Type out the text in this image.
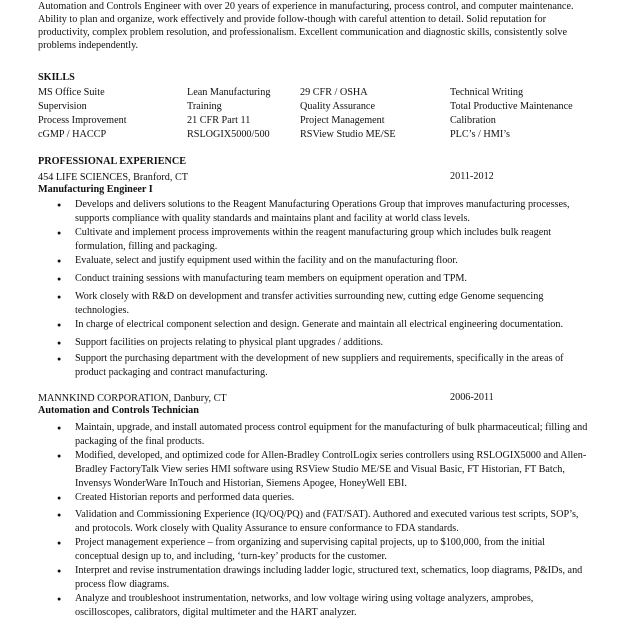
Automation and Controls Engineer with over 20 years of experience in manufacturing, process control, and computer maintenance.
Ability to plan and organize, work effectively and provide follow-though with careful attention to detail. Solid reputation for
productivity, complex problem resolution, and professionalism. Excellent communication and diagnostic skills, consistently solve
problems independently.
SKILLS
MS Office Suite	Lean Manufacturing	29 CFR / OSHA	Technical Writing
Supervision	Training	Quality Assurance	Total Productive Maintenance
Process Improvement	21 CFR Part 11	Project Management	Calibration
cGMP / HACCP	RSLOGIX5000/500	RSView Studio ME/SE	PLC’s / HMI’s
PROFESSIONAL EXPERIENCE
454 LIFE SCIENCES, Branford, CT	2011-2012
Manufacturing Engineer I
● Develops and delivers solutions to the Reagent Manufacturing Operations Group that improves manufacturing processes,
supports compliance with quality standards and maintains plant and facility at world class levels.
● Cultivate and implement process improvements within the reagent manufacturing group which includes bulk reagent
formulation, filling and packaging.
● Evaluate, select and justify equipment used within the facility and on the manufacturing floor.
● Conduct training sessions with manufacturing team members on equipment operation and TPM.
● Work closely with R&D on development and transfer activities surrounding new, cutting edge Genome sequencing
technologies.
● In charge of electrical component selection and design. Generate and maintain all electrical engineering documentation.
● Support facilities on projects relating to physical plant upgrades / additions.
● Support the purchasing department with the development of new suppliers and requirements, specifically in the areas of
product packaging and contract manufacturing.
MANNKIND CORPORATION, Danbury, CT	2006-2011
Automation and Controls Technician
● Maintain, upgrade, and install automated process control equipment for the manufacturing of bulk pharmaceutical; filling and
packaging of the final products.
● Modified, developed, and optimized code for Allen-Bradley ControlLogix series controllers using RSLOGIX5000 and Allen-
Bradley FactoryTalk View series HMI software using RSView Studio ME/SE and Visual Basic, FT Historian, FT Batch,
Invensys WonderWare InTouch and Historian, Siemens Apogee, HoneyWell EBI.
● Created Historian reports and performed data queries.
● Validation and Commissioning Experience (IQ/OQ/PQ) and (FAT/SAT). Authored and executed various test scripts, SOP’s,
and protocols. Work closely with Quality Assurance to ensure conformance to FDA standards.
● Project management experience – from organizing and supervising capital projects, up to $100,000, from the initial
conceptual design up to, and including, ‘turn-key’ products for the customer.
● Interpret and revise instrumentation drawings including ladder logic, structured text, schematics, loop diagrams, P&IDs, and
process flow diagrams.
● Analyze and troubleshoot instrumentation, networks, and low voltage wiring using voltage analyzers, amprobes,
oscilloscopes, calibrators, digital multimeter and the HART analyzer.
